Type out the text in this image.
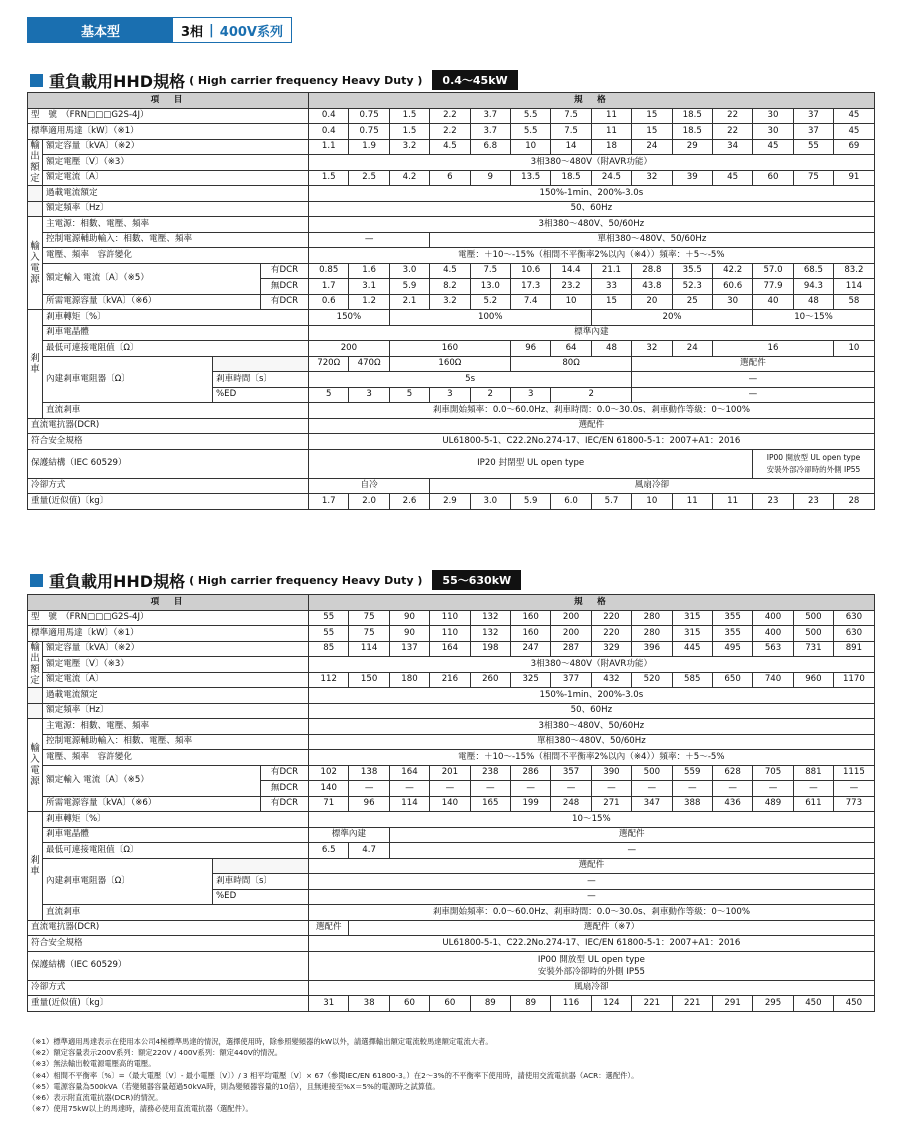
基本型	3相 | 400V系列
重負載用HHD規格 ( High carrier frequency Heavy Duty )	0.4～45kW
項　目				規　格														
型　號　（FRN□□□G2S-4J）				0.4	0.75	1.5	2.2	3.7	5.5	7.5	11	15	18.5	22	30	37	45	
標準適用馬達〔kW〕（※1）				0.4	0.75	1.5	2.2	3.7	5.5	7.5	11	15	18.5	22	30	37	45	
輸出額定	額定容量〔kVA〕（※2）			1.1	1.9	3.2	4.5	6.8	10	14	18	24	29	34	45	55	69	
	額定電壓〔V〕（※3）			3相380～480V（附AVR功能）														
	額定電流〔A〕			1.5	2.5	4.2	6	9	13.5	18.5	24.5	32	39	45	60	75	91	
	過載電流額定			150%-1min、200%-3.0s														
	額定頻率〔Hz〕			50、60Hz														
輸入電源	主電源：相數、電壓、頻率			3相380～480V、50/60Hz														
	控制電源輔助輸入：相數、電壓、頻率			—			單相380～480V、50/60Hz											
	電壓、頻率　容許變化			電壓：＋10～-15%（相間不平衡率2%以內（※4））頻率：＋5～-5%														
	額定輸入 電流〔A〕（※5）		有DCR	0.85	1.6	3.0	4.5	7.5	10.6	14.4	21.1	28.8	35.5	42.2	57.0	68.5	83.2	
			無DCR	1.7	3.1	5.9	8.2	13.0	17.3	23.2	33	43.8	52.3	60.6	77.9	94.3	114	
	所需電源容量〔kVA〕（※6）		有DCR	0.6	1.2	2.1	3.2	5.2	7.4	10	15	20	25	30	40	48	58	
剎車	剎車轉矩〔%〕			150%		100%					20%				10～15%			
	剎車電晶體			標準內建														
	最低可連接電阻值〔Ω〕			200		160			96	64	48	32	24	16			10		
	內建剎車電阻器〔Ω〕			720Ω	470Ω	160Ω			80Ω			選配件						
		剎車時間〔s〕		5s								—						
		%ED		5	3	5	3	2	3	2		—						
	直流剎車			剎車開始頻率：0.0～60.0Hz、剎車時間：0.0～30.0s、剎車動作等級：0～100%														
直流電抗器(DCR)				選配件														
符合安全規格				UL61800-5-1、C22.2No.274-17、IEC/EN 61800-5-1：2007+A1：2016														
保護結構（IEC 60529）				IP20 封閉型 UL open type											IP00 開放型 UL open type
安裝外部冷卻時的外側 IP55			
冷卻方式				自冷			風扇冷卻											
重量(近似值)〔kg〕				1.7	2.0	2.6	2.9	3.0	5.9	6.0	5.7	10	11	11	23	23	28	
重負載用HHD規格 ( High carrier frequency Heavy Duty )	55～630kW
項　目				規　格													
型　號　（FRN□□□G2S-4J）				55	75	90	110	132	160	200	220	280	315	355	400	500	630
標準適用馬達〔kW〕（※1）				55	75	90	110	132	160	200	220	280	315	355	400	500	630
輸出額定	額定容量〔kVA〕（※2）			85	114	137	164	198	247	287	329	396	445	495	563	731	891
	額定電壓〔V〕（※3）			3相380～480V（附AVR功能）													
	額定電流〔A〕			112	150	180	216	260	325	377	432	520	585	650	740	960	1170
	過載電流額定			150%-1min、200%-3.0s													
	額定頻率〔Hz〕			50、60Hz													
輸入電源	主電源：相數、電壓、頻率			3相380～480V、50/60Hz													
	控制電源輔助輸入：相數、電壓、頻率			單相380～480V、50/60Hz													
	電壓、頻率　容許變化			電壓：＋10～-15%（相間不平衡率2%以內（※4））頻率：＋5～-5%													
	額定輸入 電流〔A〕（※5）		有DCR	102	138	164	201	238	286	357	390	500	559	628	705	881	1115
			無DCR	140	—	—	—	—	—	—	—	—	—	—	—	—	—
	所需電源容量〔kVA〕（※6）		有DCR	71	96	114	140	165	199	248	271	347	388	436	489	611	773
剎車	剎車轉矩〔%〕			10～15%													
	剎車電晶體			標準內建		選配件											
	最低可連接電阻值〔Ω〕			6.5	4.7	—											
	內建剎車電阻器〔Ω〕			選配件													
		剎車時間〔s〕		—													
		%ED		—													
	直流剎車			剎車開始頻率：0.0～60.0Hz、剎車時間：0.0～30.0s、剎車動作等級：0～100%													
直流電抗器(DCR)				選配件	選配件（※7）												
符合安全規格				UL61800-5-1、C22.2No.274-17、IEC/EN 61800-5-1：2007+A1：2016													
保護結構（IEC 60529）				IP00 開放型 UL open type
安裝外部冷卻時的外側 IP55													
冷卻方式				風扇冷卻													
重量(近似值)〔kg〕				31	38	60	60	89	89	116	124	221	221	291	295	450	450
（※1）標準適用馬達表示在使用本公司4極標準馬達的情況，選擇使用時，除參照變頻器的kW以外，請選擇輸出額定電流較馬達額定電流大者。
（※2）額定容量表示200V系列：額定220V / 400V系列：額定440V的情況。
（※3）無法輸出較電源電壓高的電壓。
（※4）相間不平衡率〔%〕=（最大電壓〔V〕- 最小電壓〔V〕）/ 3 相平均電壓〔V〕× 67（參閱IEC/EN 61800-3。）在2～3%的不平衡率下使用時，請使用交流電抗器（ACR：選配件）。
（※5）電源容量為500kVA（若變頻器容量超過50kVA時，則為變頻器容量的10倍），且無連接至%X＝5%的電源時之試算值。
（※6）表示附直流電抗器(DCR)的情況。
（※7）使用75kW以上的馬達時，請務必使用直流電抗器（選配件）。
